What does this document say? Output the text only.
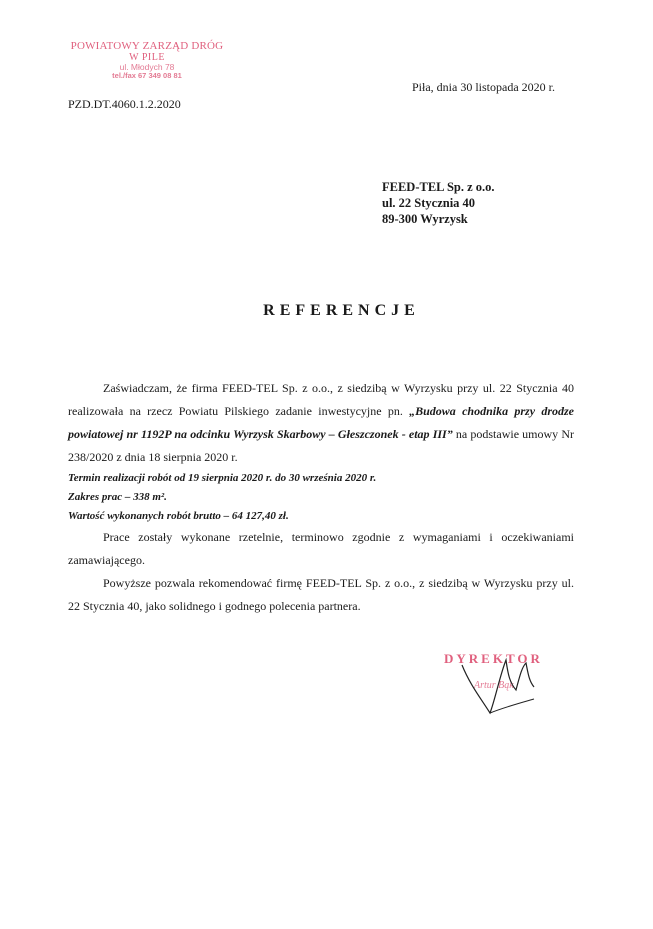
POWIATOWY ZARZĄD DRÓG
W PILE
ul. Młodych 78
tel./fax 67 349 08 81
PZD.DT.4060.1.2.2020
Piła, dnia 30 listopada 2020 r.
FEED-TEL Sp. z o.o.
ul. 22 Stycznia 40
89-300 Wyrzysk
REFERENCJE

Zaświadczam, że firma FEED-TEL Sp. z o.o., z siedzibą w Wyrzysku przy ul. 22 Stycznia 40 realizowała na rzecz Powiatu Pilskiego zadanie inwestycyjne pn. „Budowa chodnika przy drodze powiatowej nr 1192P na odcinku Wyrzysk Skarbowy – Głeszczonek - etap III” na podstawie umowy Nr 238/2020 z dnia 18 sierpnia 2020 r.

Termin realizacji robót od 19 sierpnia 2020 r. do 30 września 2020 r.

Zakres prac – 338 m².

Wartość wykonanych robót brutto – 64 127,40 zł.

Prace zostały wykonane rzetelnie, terminowo zgodnie z wymaganiami i oczekiwaniami zamawiającego.

Powyższe pozwala rekomendować firmę FEED-TEL Sp. z o.o., z siedzibą w Wyrzysku przy ul. 22 Stycznia 40, jako solidnego i godnego polecenia partnera.

DYREKTOR
Artur Bąk
